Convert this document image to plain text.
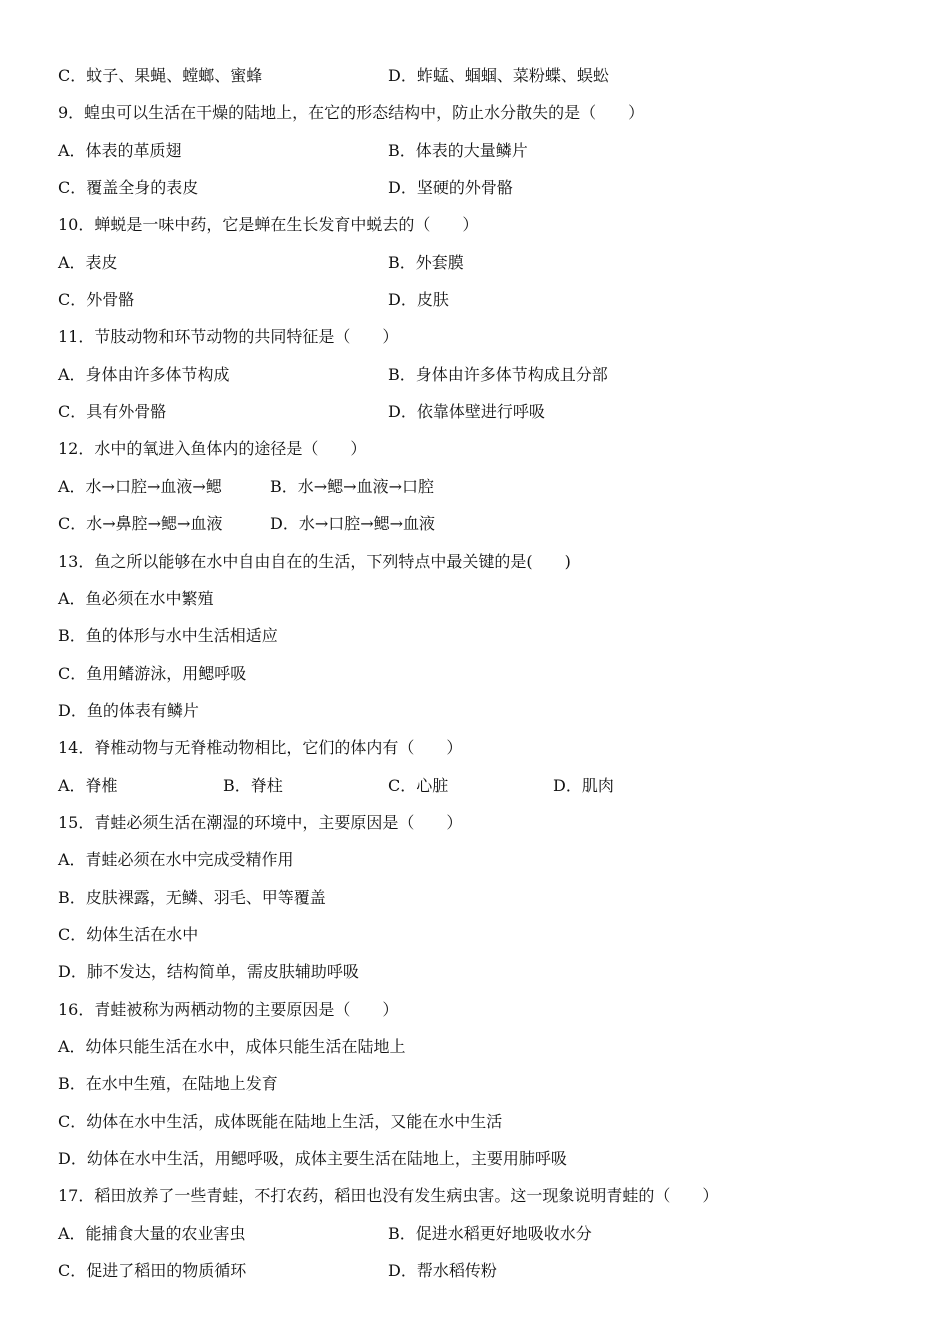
C．蚊子、果蝇、螳螂、蜜蜂	D．蚱蜢、蝈蝈、菜粉蝶、蜈蚣
9．蝗虫可以生活在干燥的陆地上，在它的形态结构中，防止水分散失的是（　　）
A．体表的革质翅	B．体表的大量鳞片
C．覆盖全身的表皮	D．坚硬的外骨骼
10．蝉蜕是一味中药，它是蝉在生长发育中蜕去的（　　）
A．表皮	B．外套膜
C．外骨骼	D．皮肤
11．节肢动物和环节动物的共同特征是（　　）
A．身体由许多体节构成	B．身体由许多体节构成且分部
C．具有外骨骼	D．依靠体壁进行呼吸
12．水中的氧进入鱼体内的途径是（　　）
A．水→口腔→血液→鳃	B．水→鳃→血液→口腔
C．水→鼻腔→鳃→血液	D．水→口腔→鳃→血液
13．鱼之所以能够在水中自由自在的生活，下列特点中最关键的是(　　)
A．鱼必须在水中繁殖
B．鱼的体形与水中生活相适应
C．鱼用鳍游泳，用鳃呼吸
D．鱼的体表有鳞片
14．脊椎动物与无脊椎动物相比，它们的体内有（　　）
A．脊椎	B．脊柱	C．心脏	D．肌肉
15．青蛙必须生活在潮湿的环境中，主要原因是（　　）
A．青蛙必须在水中完成受精作用
B．皮肤裸露，无鳞、羽毛、甲等覆盖
C．幼体生活在水中
D．肺不发达，结构简单，需皮肤辅助呼吸
16．青蛙被称为两栖动物的主要原因是（　　）
A．幼体只能生活在水中，成体只能生活在陆地上
B．在水中生殖，在陆地上发育
C．幼体在水中生活，成体既能在陆地上生活，又能在水中生活
D．幼体在水中生活，用鳃呼吸，成体主要生活在陆地上，主要用肺呼吸
17．稻田放养了一些青蛙，不打农药，稻田也没有发生病虫害。这一现象说明青蛙的（　　）
A．能捕食大量的农业害虫	B．促进水稻更好地吸收水分
C．促进了稻田的物质循环	D．帮水稻传粉
